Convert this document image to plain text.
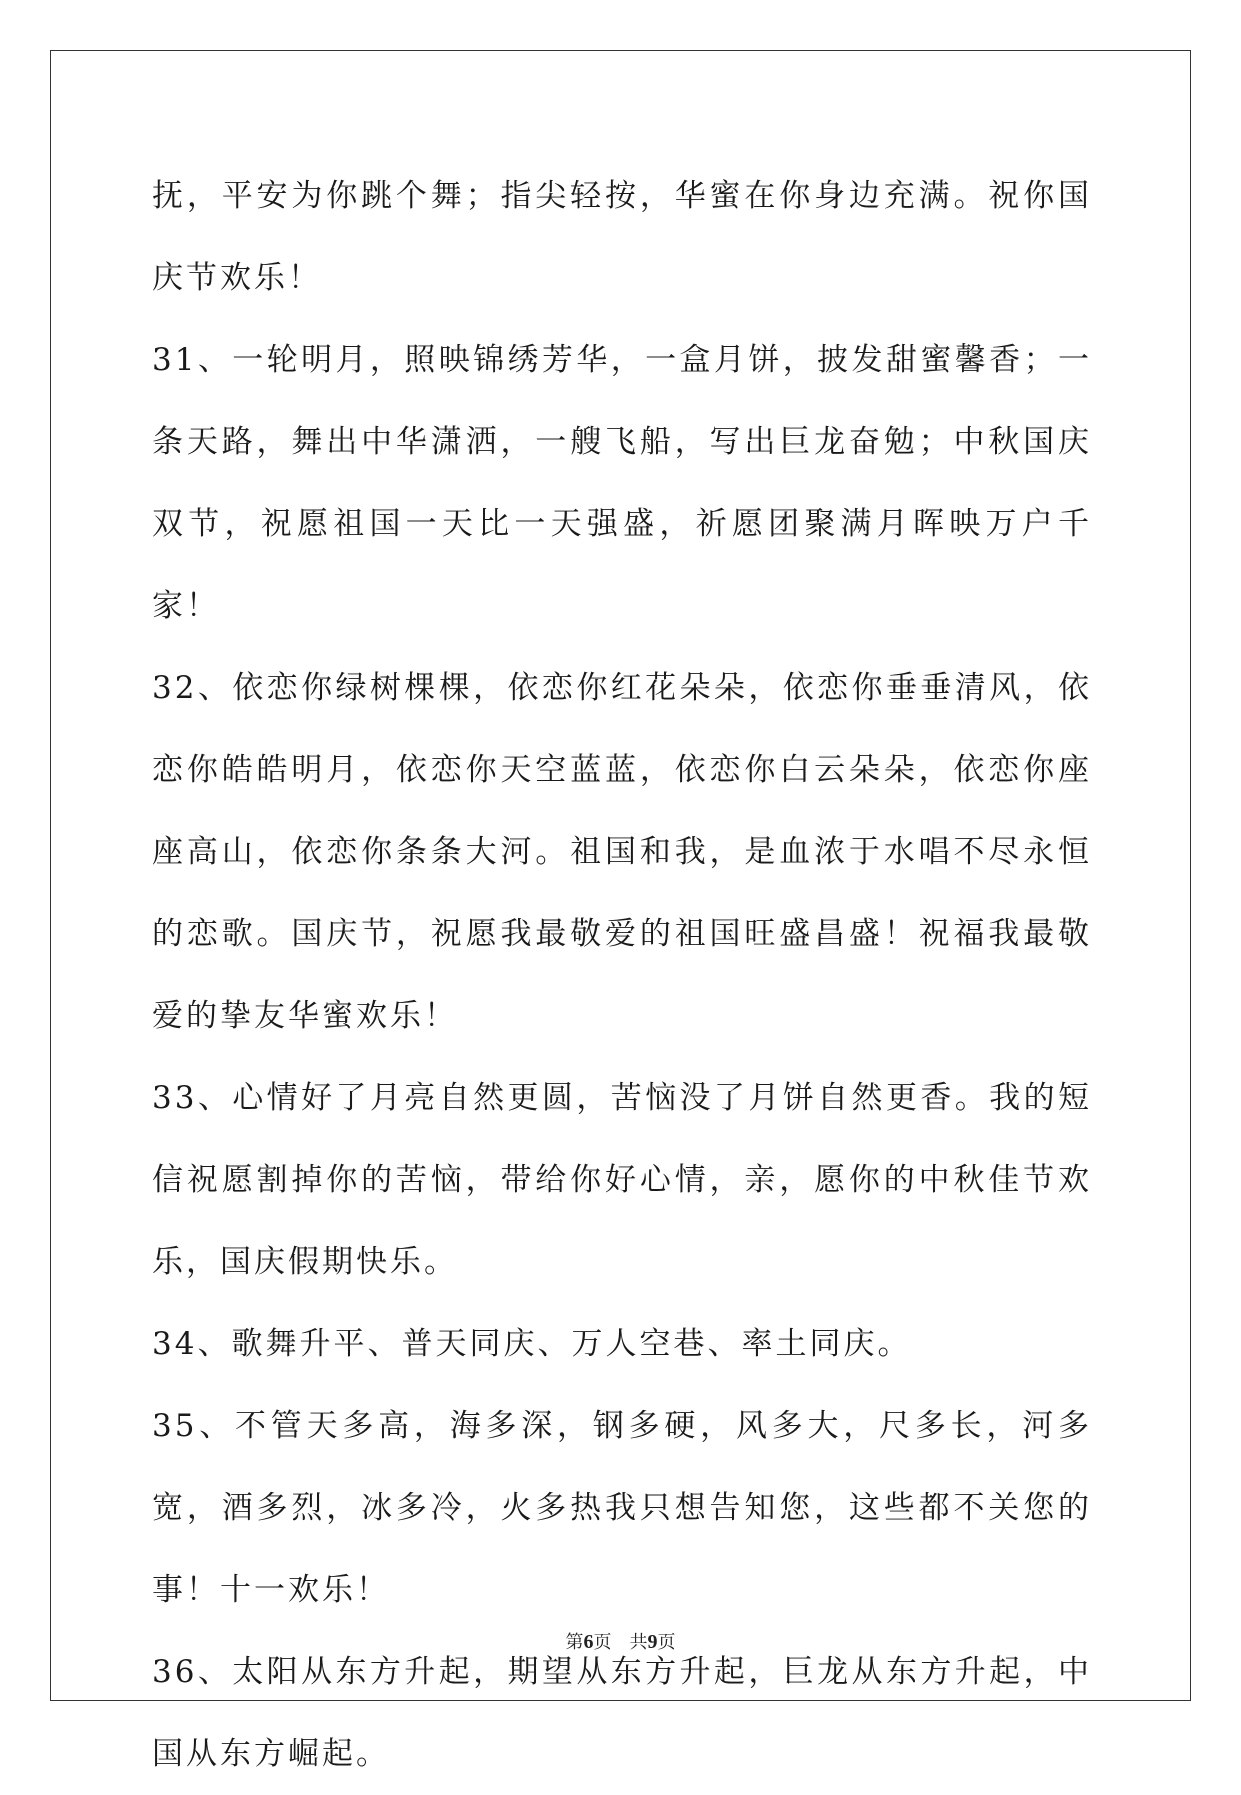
抚，平安为你跳个舞；指尖轻按，华蜜在你身边充满。祝你国庆节欢乐！

31、一轮明月，照映锦绣芳华，一盒月饼，披发甜蜜馨香；一条天路，舞出中华潇洒，一艘飞船，写出巨龙奋勉；中秋国庆双节，祝愿祖国一天比一天强盛，祈愿团聚满月晖映万户千家！

32、依恋你绿树棵棵，依恋你红花朵朵，依恋你垂垂清风，依恋你皓皓明月，依恋你天空蓝蓝，依恋你白云朵朵，依恋你座座高山，依恋你条条大河。祖国和我，是血浓于水唱不尽永恒的恋歌。国庆节，祝愿我最敬爱的祖国旺盛昌盛！祝福我最敬爱的挚友华蜜欢乐！

33、心情好了月亮自然更圆，苦恼没了月饼自然更香。我的短信祝愿割掉你的苦恼，带给你好心情，亲，愿你的中秋佳节欢乐，国庆假期快乐。

34、歌舞升平、普天同庆、万人空巷、率土同庆。

35、不管天多高，海多深，钢多硬，风多大，尺多长，河多宽，酒多烈，冰多冷，火多热我只想告知您，这些都不关您的事！十一欢乐！

36、太阳从东方升起，期望从东方升起，巨龙从东方升起，中国从东方崛起。

第6页 共9页
